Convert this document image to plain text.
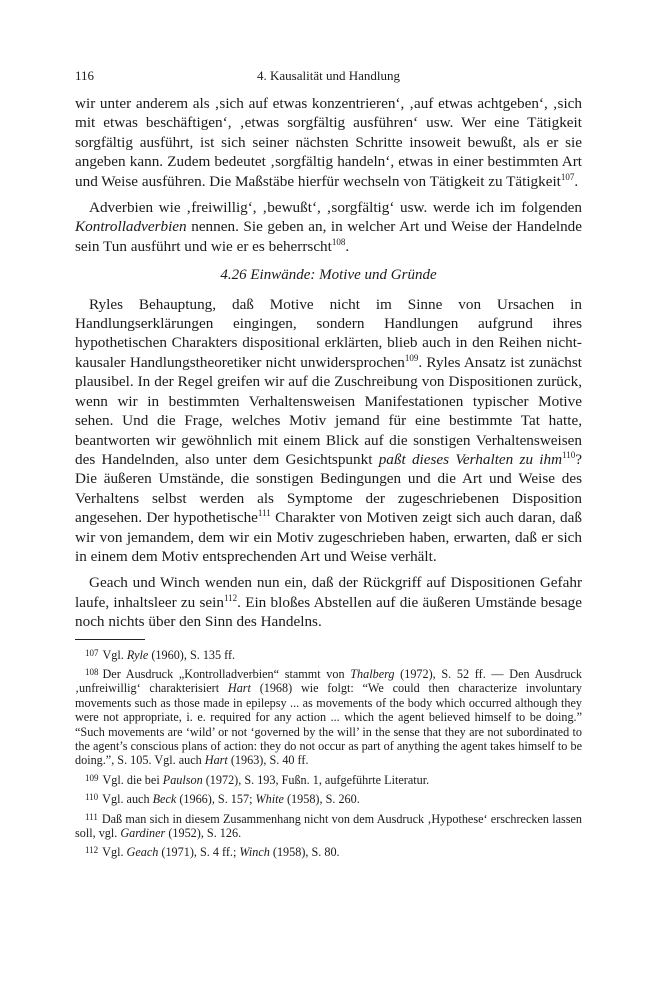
116	4. Kausalität und Handlung

wir unter anderem als ‚sich auf etwas konzentrieren‘, ‚auf etwas achtgeben‘, ‚sich mit etwas beschäftigen‘, ‚etwas sorgfältig ausführen‘ usw. Wer eine Tätigkeit sorgfältig ausführt, ist sich seiner nächsten Schritte insoweit bewußt, als er sie angeben kann. Zudem bedeutet ‚sorgfältig handeln‘, etwas in einer bestimmten Art und Weise ausführen. Die Maßstäbe hierfür wechseln von Tätigkeit zu Tätigkeit$^{107}$.

Adverbien wie ‚freiwillig‘, ‚bewußt‘, ‚sorgfältig‘ usw. werde ich im folgenden Kontrolladverbien nennen. Sie geben an, in welcher Art und Weise der Handelnde sein Tun ausführt und wie er es beherrscht$^{108}$.

4.26 Einwände: Motive und Gründe

Ryles Behauptung, daß Motive nicht im Sinne von Ursachen in Handlungserklärungen eingingen, sondern Handlungen aufgrund ihres hypothetischen Charakters dispositional erklärten, blieb auch in den Reihen nicht-kausaler Handlungstheoretiker nicht unwidersprochen$^{109}$. Ryles Ansatz ist zunächst plausibel. In der Regel greifen wir auf die Zuschreibung von Dispositionen zurück, wenn wir in bestimmten Verhaltensweisen Manifestationen typischer Motive sehen. Und die Frage, welches Motiv jemand für eine bestimmte Tat hatte, beantworten wir gewöhnlich mit einem Blick auf die sonstigen Verhaltensweisen des Handelnden, also unter dem Gesichtspunkt paßt dieses Verhalten zu ihm$^{110}$? Die äußeren Umstände, die sonstigen Bedingungen und die Art und Weise des Verhaltens selbst werden als Symptome der zugeschriebenen Disposition angesehen. Der hypothetische$^{111}$ Charakter von Motiven zeigt sich auch daran, daß wir von jemandem, dem wir ein Motiv zugeschrieben haben, erwarten, daß er sich in einem dem Motiv entsprechenden Art und Weise verhält.

Geach und Winch wenden nun ein, daß der Rückgriff auf Dispositionen Gefahr laufe, inhaltsleer zu sein$^{112}$. Ein bloßes Abstellen auf die äußeren Umstände besage noch nichts über den Sinn des Handelns.

$^{107}$ Vgl. Ryle (1960), S. 135 ff.

$^{108}$ Der Ausdruck „Kontrolladverbien“ stammt von Thalberg (1972), S. 52 ff. — Den Ausdruck ‚unfreiwillig‘ charakterisiert Hart (1968) wie folgt: “We could then characterize involuntary movements such as those made in epilepsy ... as movements of the body which occurred although they were not appropriate, i. e. required for any action ... which the agent believed himself to be doing.” “Such movements are ‘wild’ or not ‘governed by the will’ in the sense that they are not subordinated to the agent’s conscious plans of action: they do not occur as part of anything the agent takes himself to be doing.”, S. 105. Vgl. auch Hart (1963), S. 40 ff.

$^{109}$ Vgl. die bei Paulson (1972), S. 193, Fußn. 1, aufgeführte Literatur.

$^{110}$ Vgl. auch Beck (1966), S. 157; White (1958), S. 260.

$^{111}$ Daß man sich in diesem Zusammenhang nicht von dem Ausdruck ‚Hypothese‘ erschrecken lassen soll, vgl. Gardiner (1952), S. 126.

$^{112}$ Vgl. Geach (1971), S. 4 ff.; Winch (1958), S. 80.
